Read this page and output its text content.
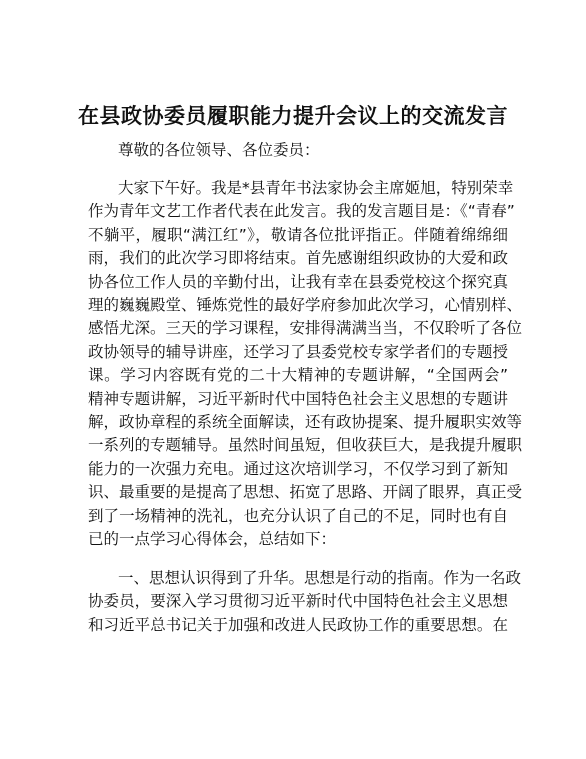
在县政协委员履职能力提升会议上的交流发言
尊敬的各位领导、各位委员：
大家下午好。我是*县青年书法家协会主席姬旭，特别荣幸
作为青年文艺工作者代表在此发言。我的发言题目是：《“青春”
不躺平，履职“满江红”》，敬请各位批评指正。伴随着绵绵细
雨，我们的此次学习即将结束。首先感谢组织政协的大爱和政
协各位工作人员的辛勤付出，让我有幸在县委党校这个探究真
理的巍巍殿堂、锤炼党性的最好学府参加此次学习，心情别样、
感悟尤深。三天的学习课程，安排得满满当当，不仅聆听了各位
政协领导的辅导讲座，还学习了县委党校专家学者们的专题授
课。学习内容既有党的二十大精神的专题讲解，“全国两会”
精神专题讲解，习近平新时代中国特色社会主义思想的专题讲
解，政协章程的系统全面解读，还有政协提案、提升履职实效等
一系列的专题辅导。虽然时间虽短，但收获巨大，是我提升履职
能力的一次强力充电。通过这次培训学习，不仅学习到了新知
识、最重要的是提高了思想、拓宽了思路、开阔了眼界，真正受
到了一场精神的洗礼，也充分认识了自己的不足，同时也有自
已的一点学习心得体会，总结如下：
一、思想认识得到了升华。思想是行动的指南。作为一名政
协委员，要深入学习贯彻习近平新时代中国特色社会主义思想
和习近平总书记关于加强和改进人民政协工作的重要思想。在
